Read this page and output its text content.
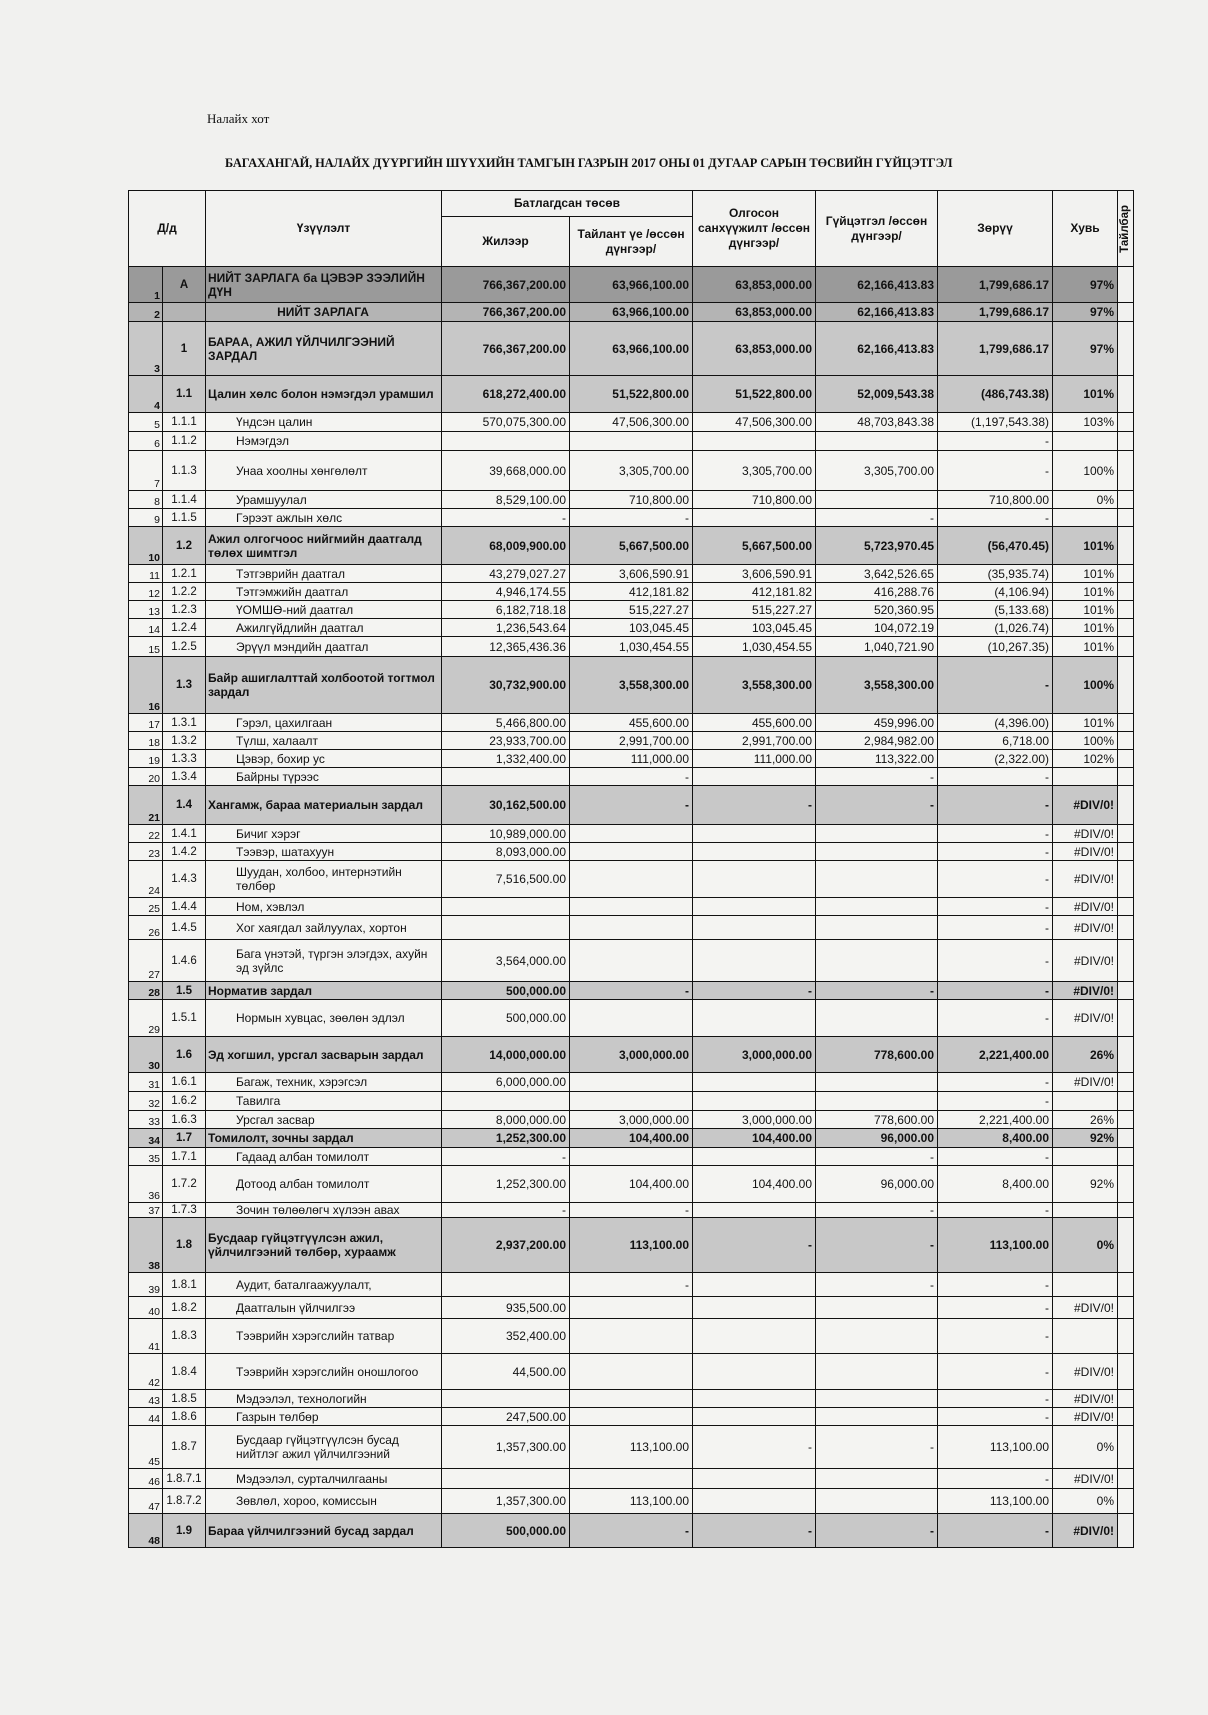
Налайх хот
БАГАХАНГАЙ, НАЛАЙХ ДҮҮРГИЙН ШҮҮХИЙН ТАМГЫН ГАЗРЫН 2017 ОНЫ 01 ДУГААР САРЫН ТӨСВИЙН ГҮЙЦЭТГЭЛ
Д/д		Үзүүлэлт	Батлагдсан төсөв		Олгосон санхүүжилт /өссөн дүнгээр/	Гүйцэтгэл /өссөн дүнгээр/	Зөрүү	Хувь	Тайлбар

			Жилээр	Тайлант үе /өссөн дүнгээр/					
1	А	НИЙТ ЗАРЛАГА бa ЦЭВЭР ЗЭЭЛИЙН ДҮН	766,367,200.00	63,966,100.00	63,853,000.00	62,166,413.83	1,799,686.17	97%	
2		НИЙТ ЗАРЛАГА	766,367,200.00	63,966,100.00	63,853,000.00	62,166,413.83	1,799,686.17	97%	
3	1	БАРАА, АЖИЛ ҮЙЛЧИЛГЭЭНИЙ ЗАРДАЛ	766,367,200.00	63,966,100.00	63,853,000.00	62,166,413.83	1,799,686.17	97%	
4	1.1	Цалин хөлс болон нэмэгдэл урамшил	618,272,400.00	51,522,800.00	51,522,800.00	52,009,543.38	(486,743.38)	101%	
5	1.1.1	Үндсэн цалин	570,075,300.00	47,506,300.00	47,506,300.00	48,703,843.38	(1,197,543.38)	103%	
6	1.1.2	Нэмэгдэл					-		
7	1.1.3	Унаа хоолны хөнгөлөлт	39,668,000.00	3,305,700.00	3,305,700.00	3,305,700.00	-	100%	
8	1.1.4	Урамшуулал	8,529,100.00	710,800.00	710,800.00		710,800.00	0%	
9	1.1.5	Гэрээт ажлын хөлс	-	-		-	-		
10	1.2	Ажил олгогчоос нийгмийн даатгалд төлөх шимтгэл	68,009,900.00	5,667,500.00	5,667,500.00	5,723,970.45	(56,470.45)	101%	
11	1.2.1	Тэтгэврийн даатгал	43,279,027.27	3,606,590.91	3,606,590.91	3,642,526.65	(35,935.74)	101%	
12	1.2.2	Тэтгэмжийн даатгал	4,946,174.55	412,181.82	412,181.82	416,288.76	(4,106.94)	101%	
13	1.2.3	ҮОМШӨ-ний даатгал	6,182,718.18	515,227.27	515,227.27	520,360.95	(5,133.68)	101%	
14	1.2.4	Ажилгүйдлийн даатгал	1,236,543.64	103,045.45	103,045.45	104,072.19	(1,026.74)	101%	
15	1.2.5	Эрүүл мэндийн даатгал	12,365,436.36	1,030,454.55	1,030,454.55	1,040,721.90	(10,267.35)	101%	
16	1.3	Байр ашиглалттай холбоотой тогтмол зардал	30,732,900.00	3,558,300.00	3,558,300.00	3,558,300.00	-	100%	
17	1.3.1	Гэрэл, цахилгаан	5,466,800.00	455,600.00	455,600.00	459,996.00	(4,396.00)	101%	
18	1.3.2	Түлш, халаалт	23,933,700.00	2,991,700.00	2,991,700.00	2,984,982.00	6,718.00	100%	
19	1.3.3	Цэвэр, бохир ус	1,332,400.00	111,000.00	111,000.00	113,322.00	(2,322.00)	102%	
20	1.3.4	Байрны түрээс		-		-	-		
21	1.4	Хангамж, бараа материалын зардал	30,162,500.00	-	-	-	-	#DIV/0!	
22	1.4.1	Бичиг хэрэг	10,989,000.00				-	#DIV/0!	
23	1.4.2	Тээвэр, шатахуун	8,093,000.00				-	#DIV/0!	
24	1.4.3	Шуудан, холбоо, интернэтийн төлбөр	7,516,500.00				-	#DIV/0!	
25	1.4.4	Ном, хэвлэл					-	#DIV/0!	
26	1.4.5	Хог хаягдал зайлуулах, хортон					-	#DIV/0!	
27	1.4.6	Бага үнэтэй, түргэн элэгдэх, ахуйн эд зүйлс	3,564,000.00				-	#DIV/0!	
28	1.5	Норматив зардал	500,000.00	-	-	-	-	#DIV/0!	
29	1.5.1	Нормын хувцас, зөөлөн эдлэл	500,000.00				-	#DIV/0!	
30	1.6	Эд хогшил, урсгал засварын зардал	14,000,000.00	3,000,000.00	3,000,000.00	778,600.00	2,221,400.00	26%	
31	1.6.1	Багаж, техник, хэрэгсэл	6,000,000.00				-	#DIV/0!	
32	1.6.2	Тавилга					-		
33	1.6.3	Урсгал засвар	8,000,000.00	3,000,000.00	3,000,000.00	778,600.00	2,221,400.00	26%	
34	1.7	Томилолт, зочны зардал	1,252,300.00	104,400.00	104,400.00	96,000.00	8,400.00	92%	
35	1.7.1	Гадаад албан томилолт	-			-	-		
36	1.7.2	Дотоод албан томилолт	1,252,300.00	104,400.00	104,400.00	96,000.00	8,400.00	92%	
37	1.7.3	Зочин төлөөлөгч хүлээн авах	-	-		-	-		
38	1.8	Бусдаар гүйцэтгүүлсэн ажил, үйлчилгээний төлбөр, хураамж	2,937,200.00	113,100.00	-	-	113,100.00	0%	
39	1.8.1	Аудит, баталгаажуулалт,		-		-	-		
40	1.8.2	Даатгалын үйлчилгээ	935,500.00				-	#DIV/0!	
41	1.8.3	Тээврийн хэрэгслийн татвар	352,400.00				-		
42	1.8.4	Тээврийн хэрэгслийн оношлогоо	44,500.00				-	#DIV/0!	
43	1.8.5	Мэдээлэл, технологийн					-	#DIV/0!	
44	1.8.6	Газрын төлбөр	247,500.00				-	#DIV/0!	
45	1.8.7	Бусдаар гүйцэтгүүлсэн бусад нийтлэг ажил үйлчилгээний	1,357,300.00	113,100.00	-	-	113,100.00	0%	
46	1.8.7.1	Мэдээлэл, сурталчилгааны					-	#DIV/0!	
47	1.8.7.2	Зөвлөл, хороо, комиссын	1,357,300.00	113,100.00			113,100.00	0%	
48	1.9	Бараа үйлчилгээний бусад зардал	500,000.00	-	-	-	-	#DIV/0!	
